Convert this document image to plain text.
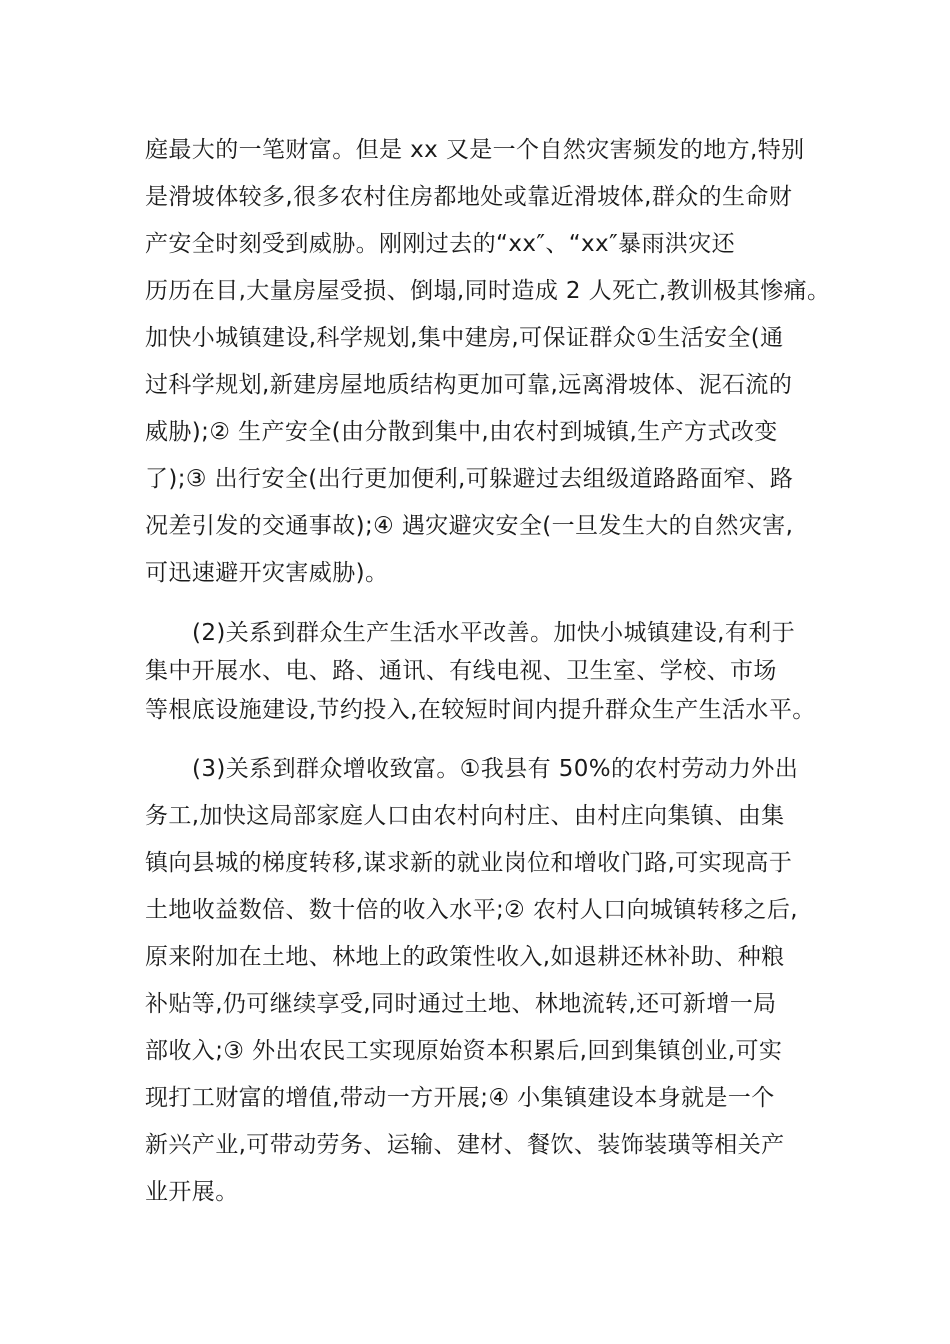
庭最大的一笔财富。但是 xx 又是一个自然灾害频发的地方,特别
是滑坡体较多,很多农村住房都地处或靠近滑坡体,群众的生命财
产安全时刻受到威胁。刚刚过去的“xx″、“xx″暴雨洪灾还
历历在目,大量房屋受损、倒塌,同时造成 2 人死亡,教训极其惨痛。
加快小城镇建设,科学规划,集中建房,可保证群众①生活安全(通
过科学规划,新建房屋地质结构更加可靠,远离滑坡体、泥石流的
威胁);② 生产安全(由分散到集中,由农村到城镇,生产方式改变
了);③ 出行安全(出行更加便利,可躲避过去组级道路路面窄、路
况差引发的交通事故);④ 遇灾避灾安全(一旦发生大的自然灾害,
可迅速避开灾害威胁)。
(2)关系到群众生产生活水平改善。加快小城镇建设,有利于
集中开展水、电、路、通讯、有线电视、卫生室、学校、市场
等根底设施建设,节约投入,在较短时间内提升群众生产生活水平。
(3)关系到群众增收致富。①我县有 50%的农村劳动力外出
务工,加快这局部家庭人口由农村向村庄、由村庄向集镇、由集
镇向县城的梯度转移,谋求新的就业岗位和增收门路,可实现高于
土地收益数倍、数十倍的收入水平;② 农村人口向城镇转移之后,
原来附加在土地、林地上的政策性收入,如退耕还林补助、种粮
补贴等,仍可继续享受,同时通过土地、林地流转,还可新增一局
部收入;③ 外出农民工实现原始资本积累后,回到集镇创业,可实
现打工财富的增值,带动一方开展;④ 小集镇建设本身就是一个
新兴产业,可带动劳务、运输、建材、餐饮、装饰装璜等相关产
业开展。
